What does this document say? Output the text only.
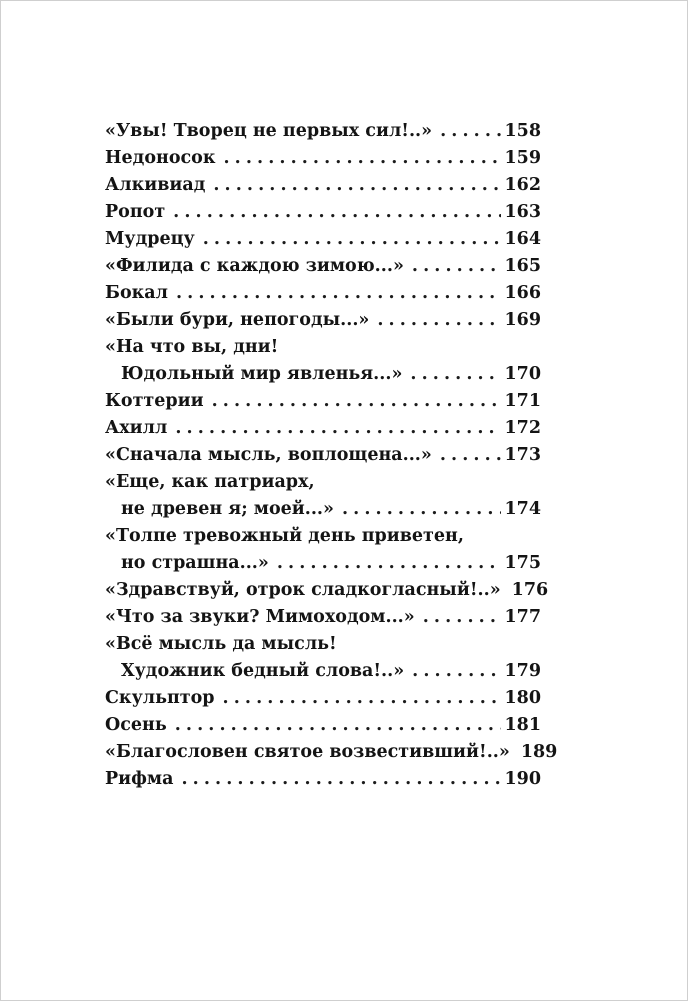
«Увы! Творец не первых сил!..» . . .	158
Недоносок . . .	159
Алкивиад . . .	162
Ропот . . .	163
Мудрецу . . .	164
«Филида с каждою зимою...» . . .	165
Бокал . . .	166
«Были бури, непогоды...» . . .	169
«На что вы, дни!
Юдольный мир явленья...» . . .	170
Коттерии . . .	171
Ахилл . . .	172
«Сначала мысль, воплощена...» . . .	173
«Еще, как патриарх,
не древен я; моей...» . . .	174
«Толпе тревожный день приветен,
но страшна...» . . .	175
«Здравствуй, отрок сладкогласный!..» 176
«Что за звуки? Мимоходом...» . . .	177
«Всё мысль да мысль!
Художник бедный слова!..» . . .	179
Скульптор . . .	180
Осень . . .	181
«Благословен святое возвестивший!..» 189
Рифма . . .	190
